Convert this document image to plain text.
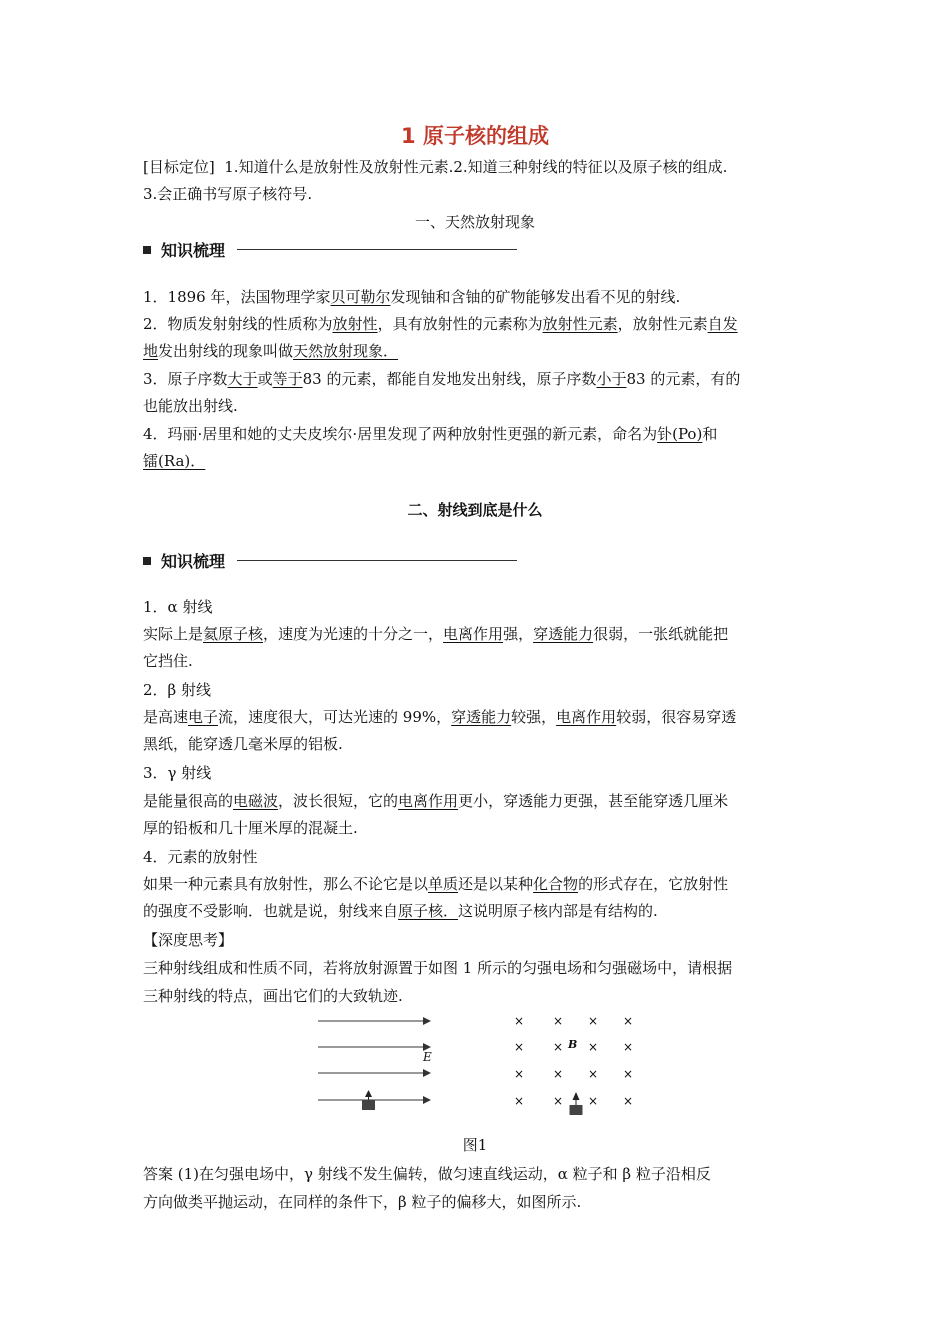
1 原子核的组成
[目标定位] 1.知道什么是放射性及放射性元素.2.知道三种射线的特征以及原子核的组成.
3.会正确书写原子核符号.
一、天然放射现象
知识梳理
1．1896 年，法国物理学家贝可勒尔发现铀和含铀的矿物能够发出看不见的射线.
2．物质发射射线的性质称为放射性，具有放射性的元素称为放射性元素，放射性元素自发
地发出射线的现象叫做天然放射现象．
3．原子序数大于或等于83 的元素，都能自发地发出射线，原子序数小于83 的元素，有的
也能放出射线.
4．玛丽·居里和她的丈夫皮埃尔·居里发现了两种放射性更强的新元素，命名为钋(Po)和
镭(Ra)．
二、射线到底是什么
知识梳理
1．α 射线
实际上是氦原子核，速度为光速的十分之一，电离作用强，穿透能力很弱，一张纸就能把
它挡住.
2．β 射线
是高速电子流，速度很大，可达光速的 99%，穿透能力较强，电离作用较弱，很容易穿透
黑纸，能穿透几毫米厚的铝板.
3．γ 射线
是能量很高的电磁波，波长很短，它的电离作用更小，穿透能力更强，甚至能穿透几厘米
厚的铅板和几十厘米厚的混凝土.
4．元素的放射性
如果一种元素具有放射性，那么不论它是以单质还是以某种化合物的形式存在，它放射性
的强度不受影响．也就是说，射线来自原子核．这说明原子核内部是有结构的.
【深度思考】
三种射线组成和性质不同，若将放射源置于如图 1 所示的匀强电场和匀强磁场中，请根据
三种射线的特点，画出它们的大致轨迹.
E
× × × ×
× × B × ×
× × × ×
× × × ×
图1
答案 (1)在匀强电场中，γ 射线不发生偏转，做匀速直线运动，α 粒子和 β 粒子沿相反
方向做类平抛运动，在同样的条件下，β 粒子的偏移大，如图所示.
